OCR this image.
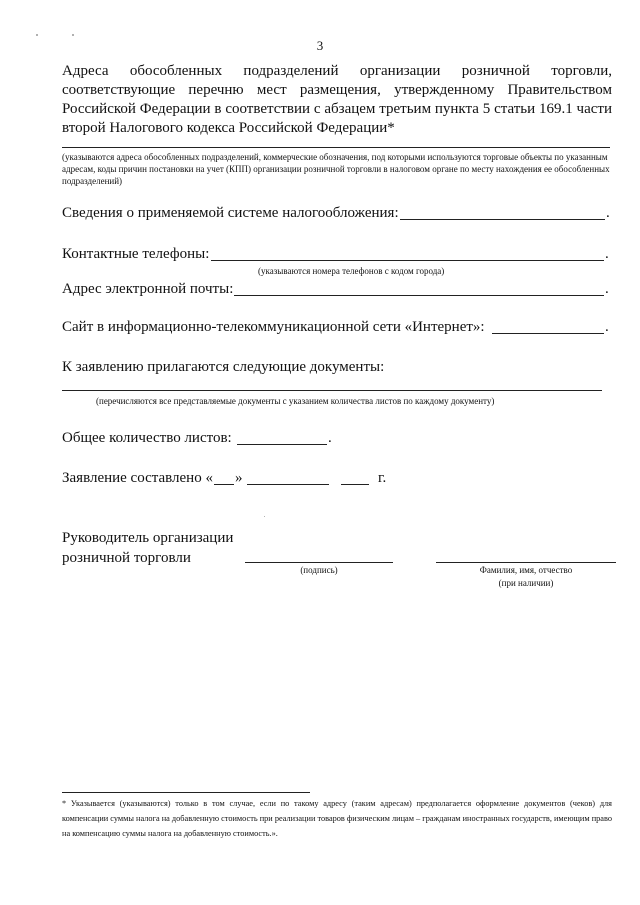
3
Адреса обособленных подразделений организации розничной торговли, соответствующие перечню мест размещения, утвержденному Правительством Российской Федерации в соответствии с абзацем третьим пункта 5 статьи 169.1 части второй Налогового кодекса Российской Федерации*
(указываются адреса обособленных подразделений, коммерческие обозначения, под которыми используются торговые объекты по указанным адресам, коды причин постановки на учет (КПП) организации розничной торговли в налоговом органе по месту нахождения ее обособленных подразделений)
Сведения о применяемой системе налогообложения:	.
Контактные телефоны:	.
(указываются номера телефонов с кодом города)
Адрес электронной почты:	.
Сайт в информационно-телекоммуникационной сети «Интернет»:	.
К заявлению прилагаются следующие документы:
(перечисляются все представляемые документы с указанием количества листов по каждому документу)
Общее количество листов:	.
Заявление составлено « »	г.
Руководитель организации
розничной торговли
(подпись)	Фамилия, имя, отчество
(при наличии)
* Указывается (указываются) только в том случае, если по такому адресу (таким адресам) предполагается оформление документов (чеков) для компенсации суммы налога на добавленную стоимость при реализации товаров физическим лицам – гражданам иностранных государств, имеющим право на компенсацию суммы налога на добавленную стоимость.».
